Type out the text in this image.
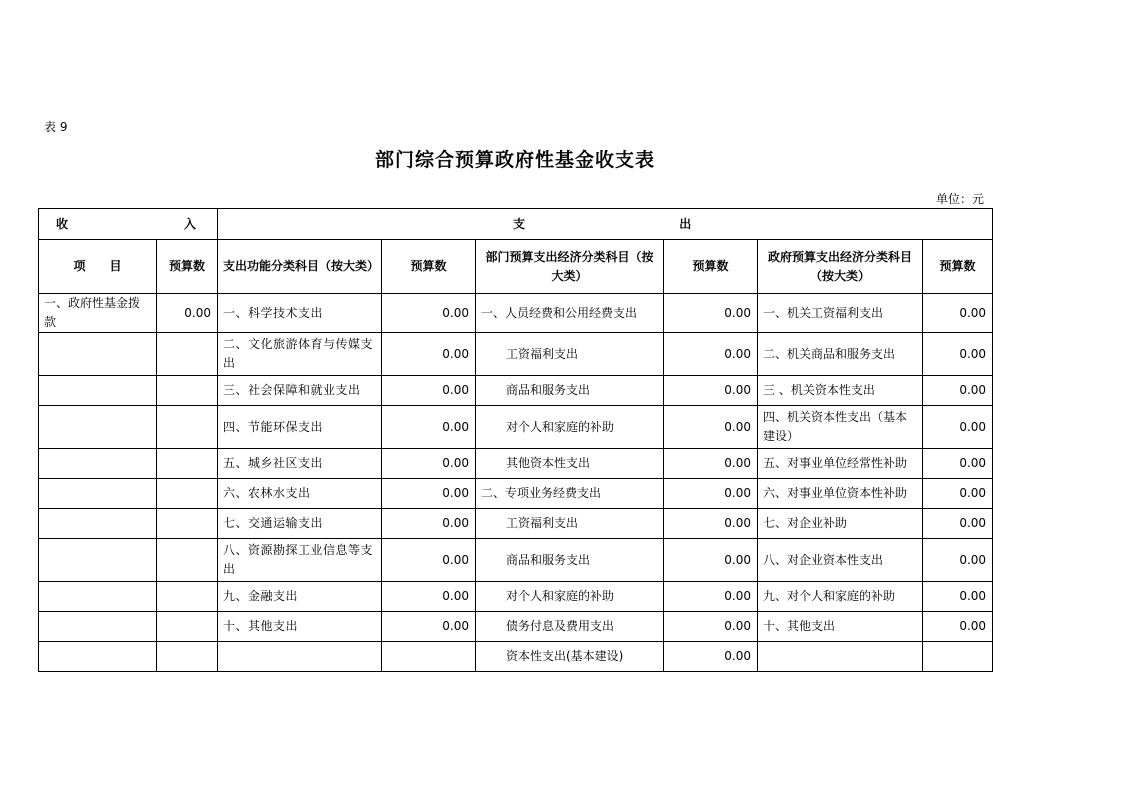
表 9
部门综合预算政府性基金收支表
单位：元
收 入		支 出					
项　　目	预算数	支出功能分类科目（按大类）	预算数	部门预算支出经济分类科目（按大类）	预算数	政府预算支出经济分类科目（按大类）	预算数
一、政府性基金拨款	0.00	一、科学技术支出	0.00	一、人员经费和公用经费支出	0.00	一、机关工资福利支出	0.00
		二、文化旅游体育与传媒支出	0.00	工资福利支出	0.00	二、机关商品和服务支出	0.00
		三、社会保障和就业支出	0.00	商品和服务支出	0.00	三 、机关资本性支出	0.00
		四、节能环保支出	0.00	对个人和家庭的补助	0.00	四、机关资本性支出（基本建设）	0.00
		五、城乡社区支出	0.00	其他资本性支出	0.00	五、对事业单位经常性补助	0.00
		六、农林水支出	0.00	二、专项业务经费支出	0.00	六、对事业单位资本性补助	0.00
		七、交通运输支出	0.00	工资福利支出	0.00	七、对企业补助	0.00
		八、资源勘探工业信息等支出	0.00	商品和服务支出	0.00	八、对企业资本性支出	0.00
		九、金融支出	0.00	对个人和家庭的补助	0.00	九、对个人和家庭的补助	0.00
		十、其他支出	0.00	债务付息及费用支出	0.00	十、其他支出	0.00
				资本性支出(基本建设)	0.00		
